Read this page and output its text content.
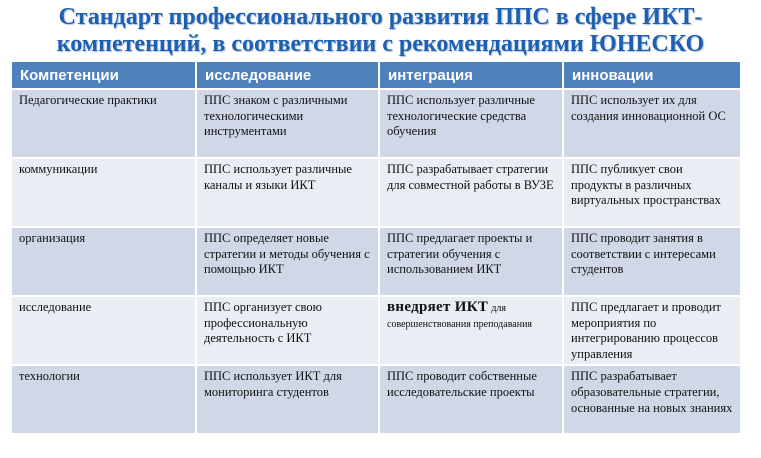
Стандарт профессионального развития ППС в сфере ИКТ-
компетенций, в соответствии с рекомендациями ЮНЕСКО
Компетенции	исследование	интеграция	инновации
Педагогические практики	ППС знаком с различными технологическими инструментами	ППС использует различные технологические средства обучения	ППС использует их для создания инновационной ОС
коммуникации	ППС использует различные каналы и языки ИКТ	ППС разрабатывает стратегии для совместной работы в ВУЗЕ	ППС публикует свои продукты в различных виртуальных пространствах
организация	ППС определяет новые стратегии и методы обучения с помощью ИКТ	ППС предлагает проекты и стратегии обучения с использованием ИКТ	ППС проводит занятия в соответствии с интересами студентов
исследование	ППС организует свою профессиональную деятельность с ИКТ	внедряет ИКТ для совершенствования преподавания	ППС предлагает и проводит мероприятия по интегрированию процессов управления
технологии	ППС использует ИКТ для мониторинга студентов	ППС проводит собственные исследовательские проекты	ППС разрабатывает образовательные стратегии, основанные на новых знаниях
